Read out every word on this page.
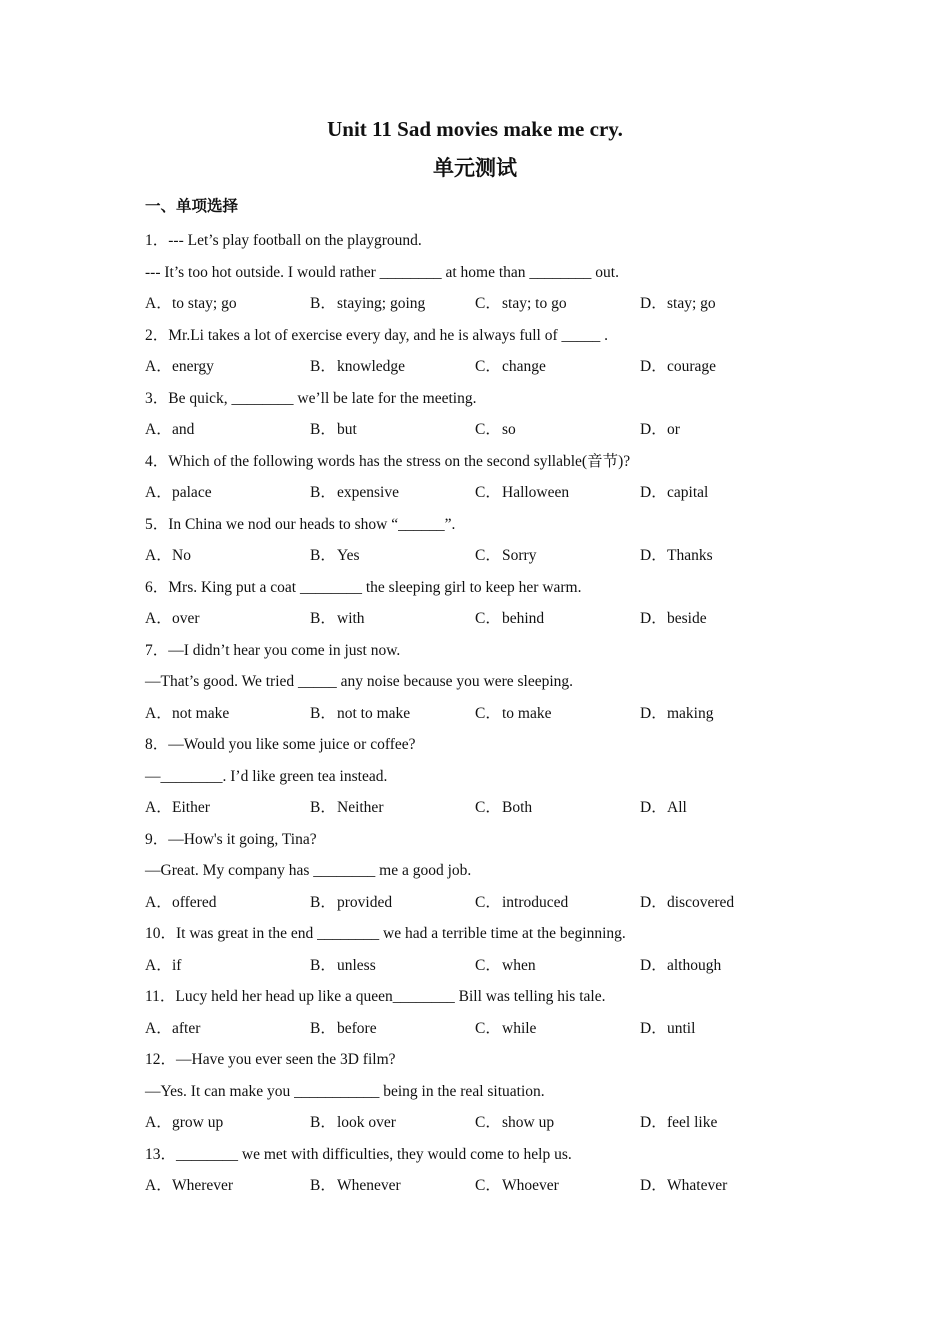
Unit 11 Sad movies make me cry.
单元测试
一、单项选择
1．--- Let’s play football on the playground.
--- It’s too hot outside. I would rather ________ at home than ________ out.
A． to stay; go	B． staying; going	C． stay; to go	D． stay; go
2．Mr.Li takes a lot of exercise every day, and he is always full of _____ .
A． energy	B． knowledge	C． change	D． courage
3．Be quick, ________ we’ll be late for the meeting.
A． and	B． but	C． so	D． or
4．Which of the following words has the stress on the second syllable(音节)?
A． palace	B． expensive	C． Halloween	D． capital
5．In China we nod our heads to show “______”.
A． No	B． Yes	C． Sorry	D． Thanks
6．Mrs. King put a coat ________ the sleeping girl to keep her warm.
A． over	B． with	C． behind	D． beside
7．—I didn’t hear you come in just now.
—That’s good. We tried _____ any noise because you were sleeping.
A． not make	B． not to make	C． to make	D． making
8．—Would you like some juice or coffee?
—________. I’d like green tea instead.
A． Either	B． Neither	C． Both	D． All
9．—How's it going, Tina?
—Great. My company has ________ me a good job.
A． offered	B． provided	C． introduced	D． discovered
10．It was great in the end ________ we had a terrible time at the beginning.
A． if	B． unless	C． when	D． although
11．Lucy held her head up like a queen________ Bill was telling his tale.
A． after	B． before	C． while	D． until
12．—Have you ever seen the 3D film?
—Yes. It can make you ___________ being in the real situation.
A． grow up	B． look over	C． show up	D． feel like
13．________ we met with difficulties, they would come to help us.
A． Wherever	B． Whenever	C． Whoever	D． Whatever
